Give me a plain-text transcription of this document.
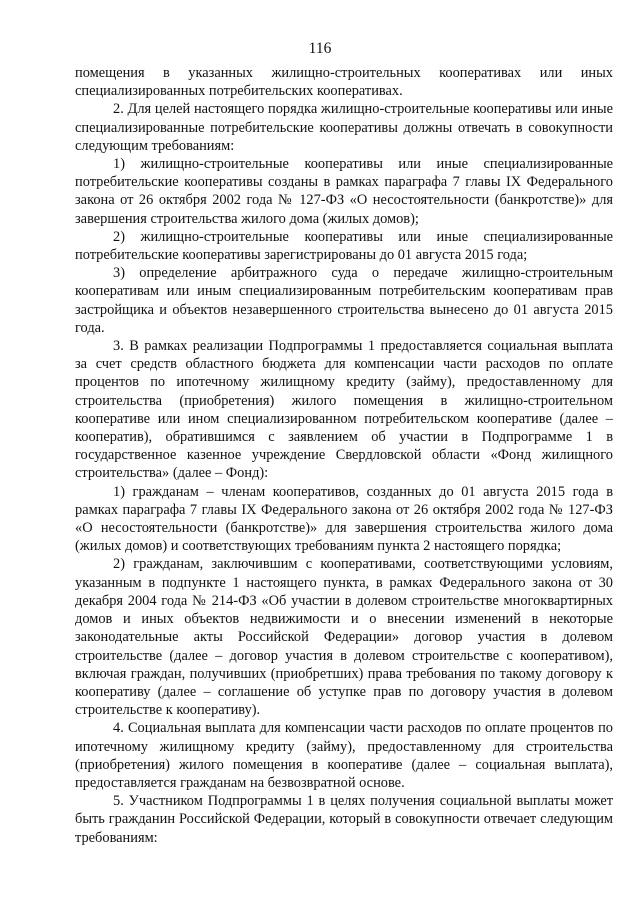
116

помещения в указанных жилищно-строительных кооперативах или иных специализированных потребительских кооперативах.

2. Для целей настоящего порядка жилищно-строительные кооперативы или иные специализированные потребительские кооперативы должны отвечать в совокупности следующим требованиям:

1) жилищно-строительные кооперативы или иные специализированные потребительские кооперативы созданы в рамках параграфа 7 главы IX Федерального закона от 26 октября 2002 года № 127-ФЗ «О несостоятельности (банкротстве)» для завершения строительства жилого дома (жилых домов);

2) жилищно-строительные кооперативы или иные специализированные потребительские кооперативы зарегистрированы до 01 августа 2015 года;

3) определение арбитражного суда о передаче жилищно-строительным кооперативам или иным специализированным потребительским кооперативам прав застройщика и объектов незавершенного строительства вынесено до 01 августа 2015 года.

3. В рамках реализации Подпрограммы 1 предоставляется социальная выплата за счет средств областного бюджета для компенсации части расходов по оплате процентов по ипотечному жилищному кредиту (займу), предоставленному для строительства (приобретения) жилого помещения в жилищно-строительном кооперативе или ином специализированном потребительском кооперативе (далее – кооператив), обратившимся с заявлением об участии в Подпрограмме 1 в государственное казенное учреждение Свердловской области «Фонд жилищного строительства» (далее – Фонд):

1) гражданам – членам кооперативов, созданных до 01 августа 2015 года в рамках параграфа 7 главы IX Федерального закона от 26 октября 2002 года № 127-ФЗ «О несостоятельности (банкротстве)» для завершения строительства жилого дома (жилых домов) и соответствующих требованиям пункта 2 настоящего порядка;

2) гражданам, заключившим с кооперативами, соответствующими условиям, указанным в подпункте 1 настоящего пункта, в рамках Федерального закона от 30 декабря 2004 года № 214-ФЗ «Об участии в долевом строительстве многоквартирных домов и иных объектов недвижимости и о внесении изменений в некоторые законодательные акты Российской Федерации» договор участия в долевом строительстве (далее – договор участия в долевом строительстве с кооперативом), включая граждан, получивших (приобретших) права требования по такому договору к кооперативу (далее – соглашение об уступке прав по договору участия в долевом строительстве к кооперативу).

4. Социальная выплата для компенсации части расходов по оплате процентов по ипотечному жилищному кредиту (займу), предоставленному для строительства (приобретения) жилого помещения в кооперативе (далее – социальная выплата), предоставляется гражданам на безвозвратной основе.

5. Участником Подпрограммы 1 в целях получения социальной выплаты может быть гражданин Российской Федерации, который в совокупности отвечает следующим требованиям:
